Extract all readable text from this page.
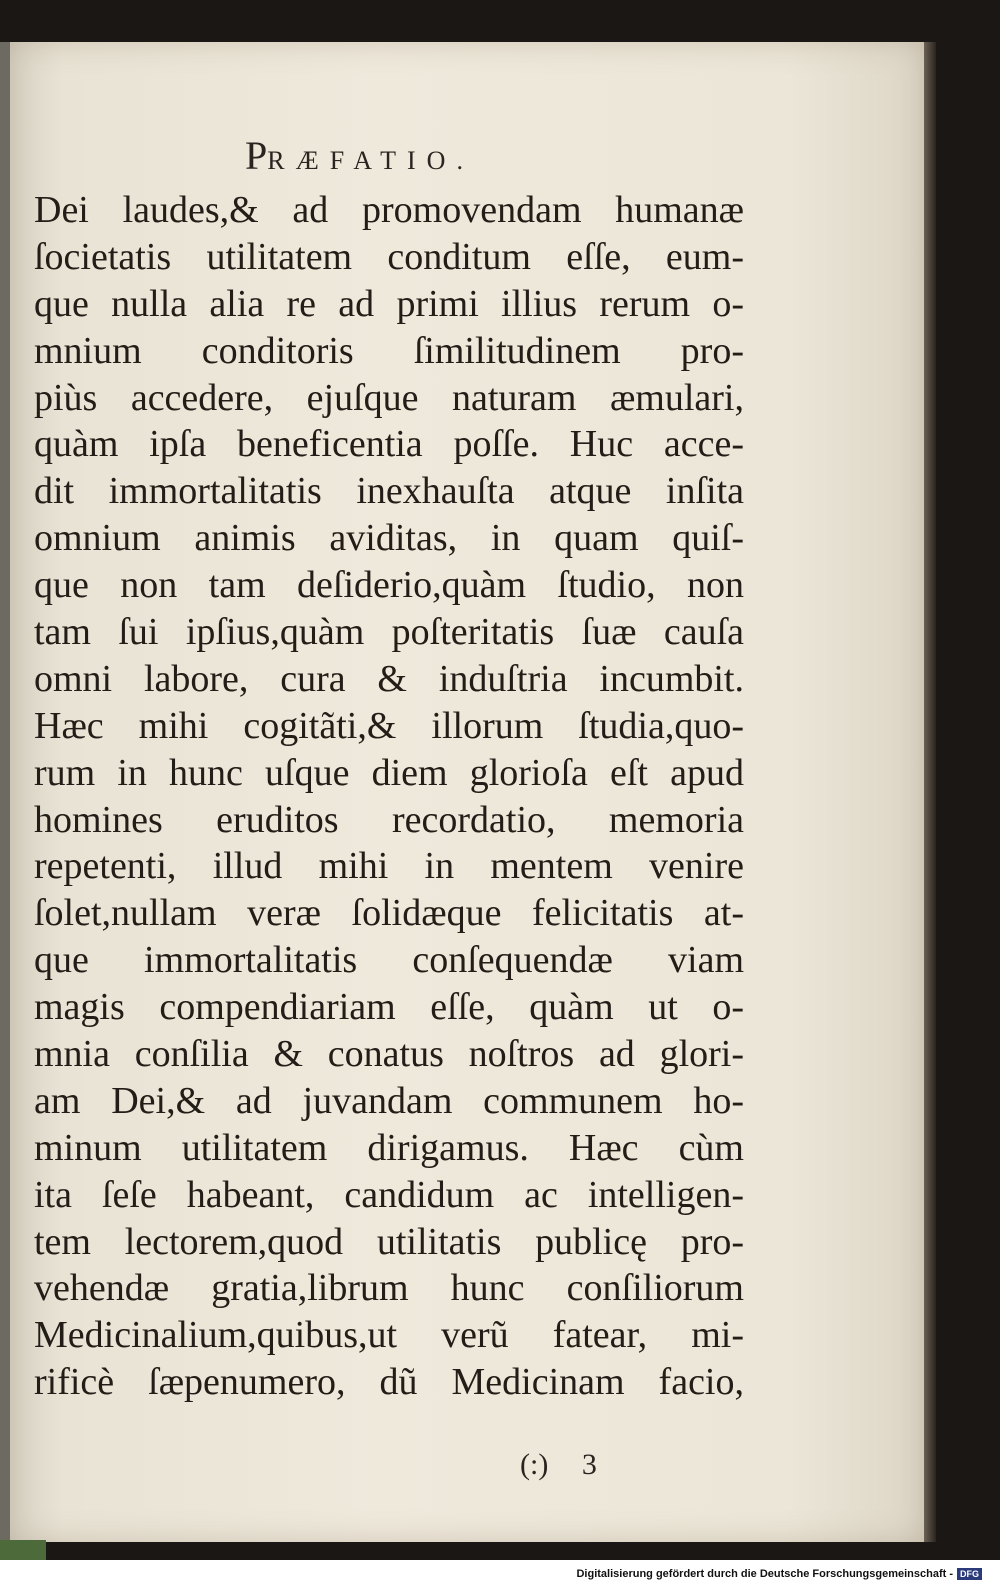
PRÆFATIO.
Dei laudes,& ad promovendam humanæ
ſocietatis utilitatem conditum eſſe, eum-
que nulla alia re ad primi illius rerum o-
mnium conditoris ſimilitudinem pro-
piùs accedere, ejuſque naturam æmulari,
quàm ipſa beneficentia poſſe. Huc acce-
dit immortalitatis inexhauſta atque inſita
omnium animis aviditas, in quam quiſ-
que non tam deſiderio,quàm ſtudio, non
tam ſui ipſius,quàm poſteritatis ſuæ cauſa
omni labore, cura & induſtria incumbit.
Hæc mihi cogitãti,& illorum ſtudia,quo-
rum in hunc uſque diem glorioſa eſt apud
homines eruditos recordatio, memoria
repetenti, illud mihi in mentem venire
ſolet,nullam veræ ſolidæque felicitatis at-
que immortalitatis conſequendæ viam
magis compendiariam eſſe, quàm ut o-
mnia conſilia & conatus noſtros ad glori-
am Dei,& ad juvandam communem ho-
minum utilitatem dirigamus. Hæc cùm
ita ſeſe habeant, candidum ac intelligen-
tem lectorem,quod utilitatis publicę pro-
vehendæ gratia,librum hunc conſiliorum
Medicinalium,quibus,ut verũ fatear, mi-
rificè ſæpenumero, dũ Medicinam facio,
(:) 3
Digitalisierung gefördert durch die Deutsche Forschungsgemeinschaft - DFG
